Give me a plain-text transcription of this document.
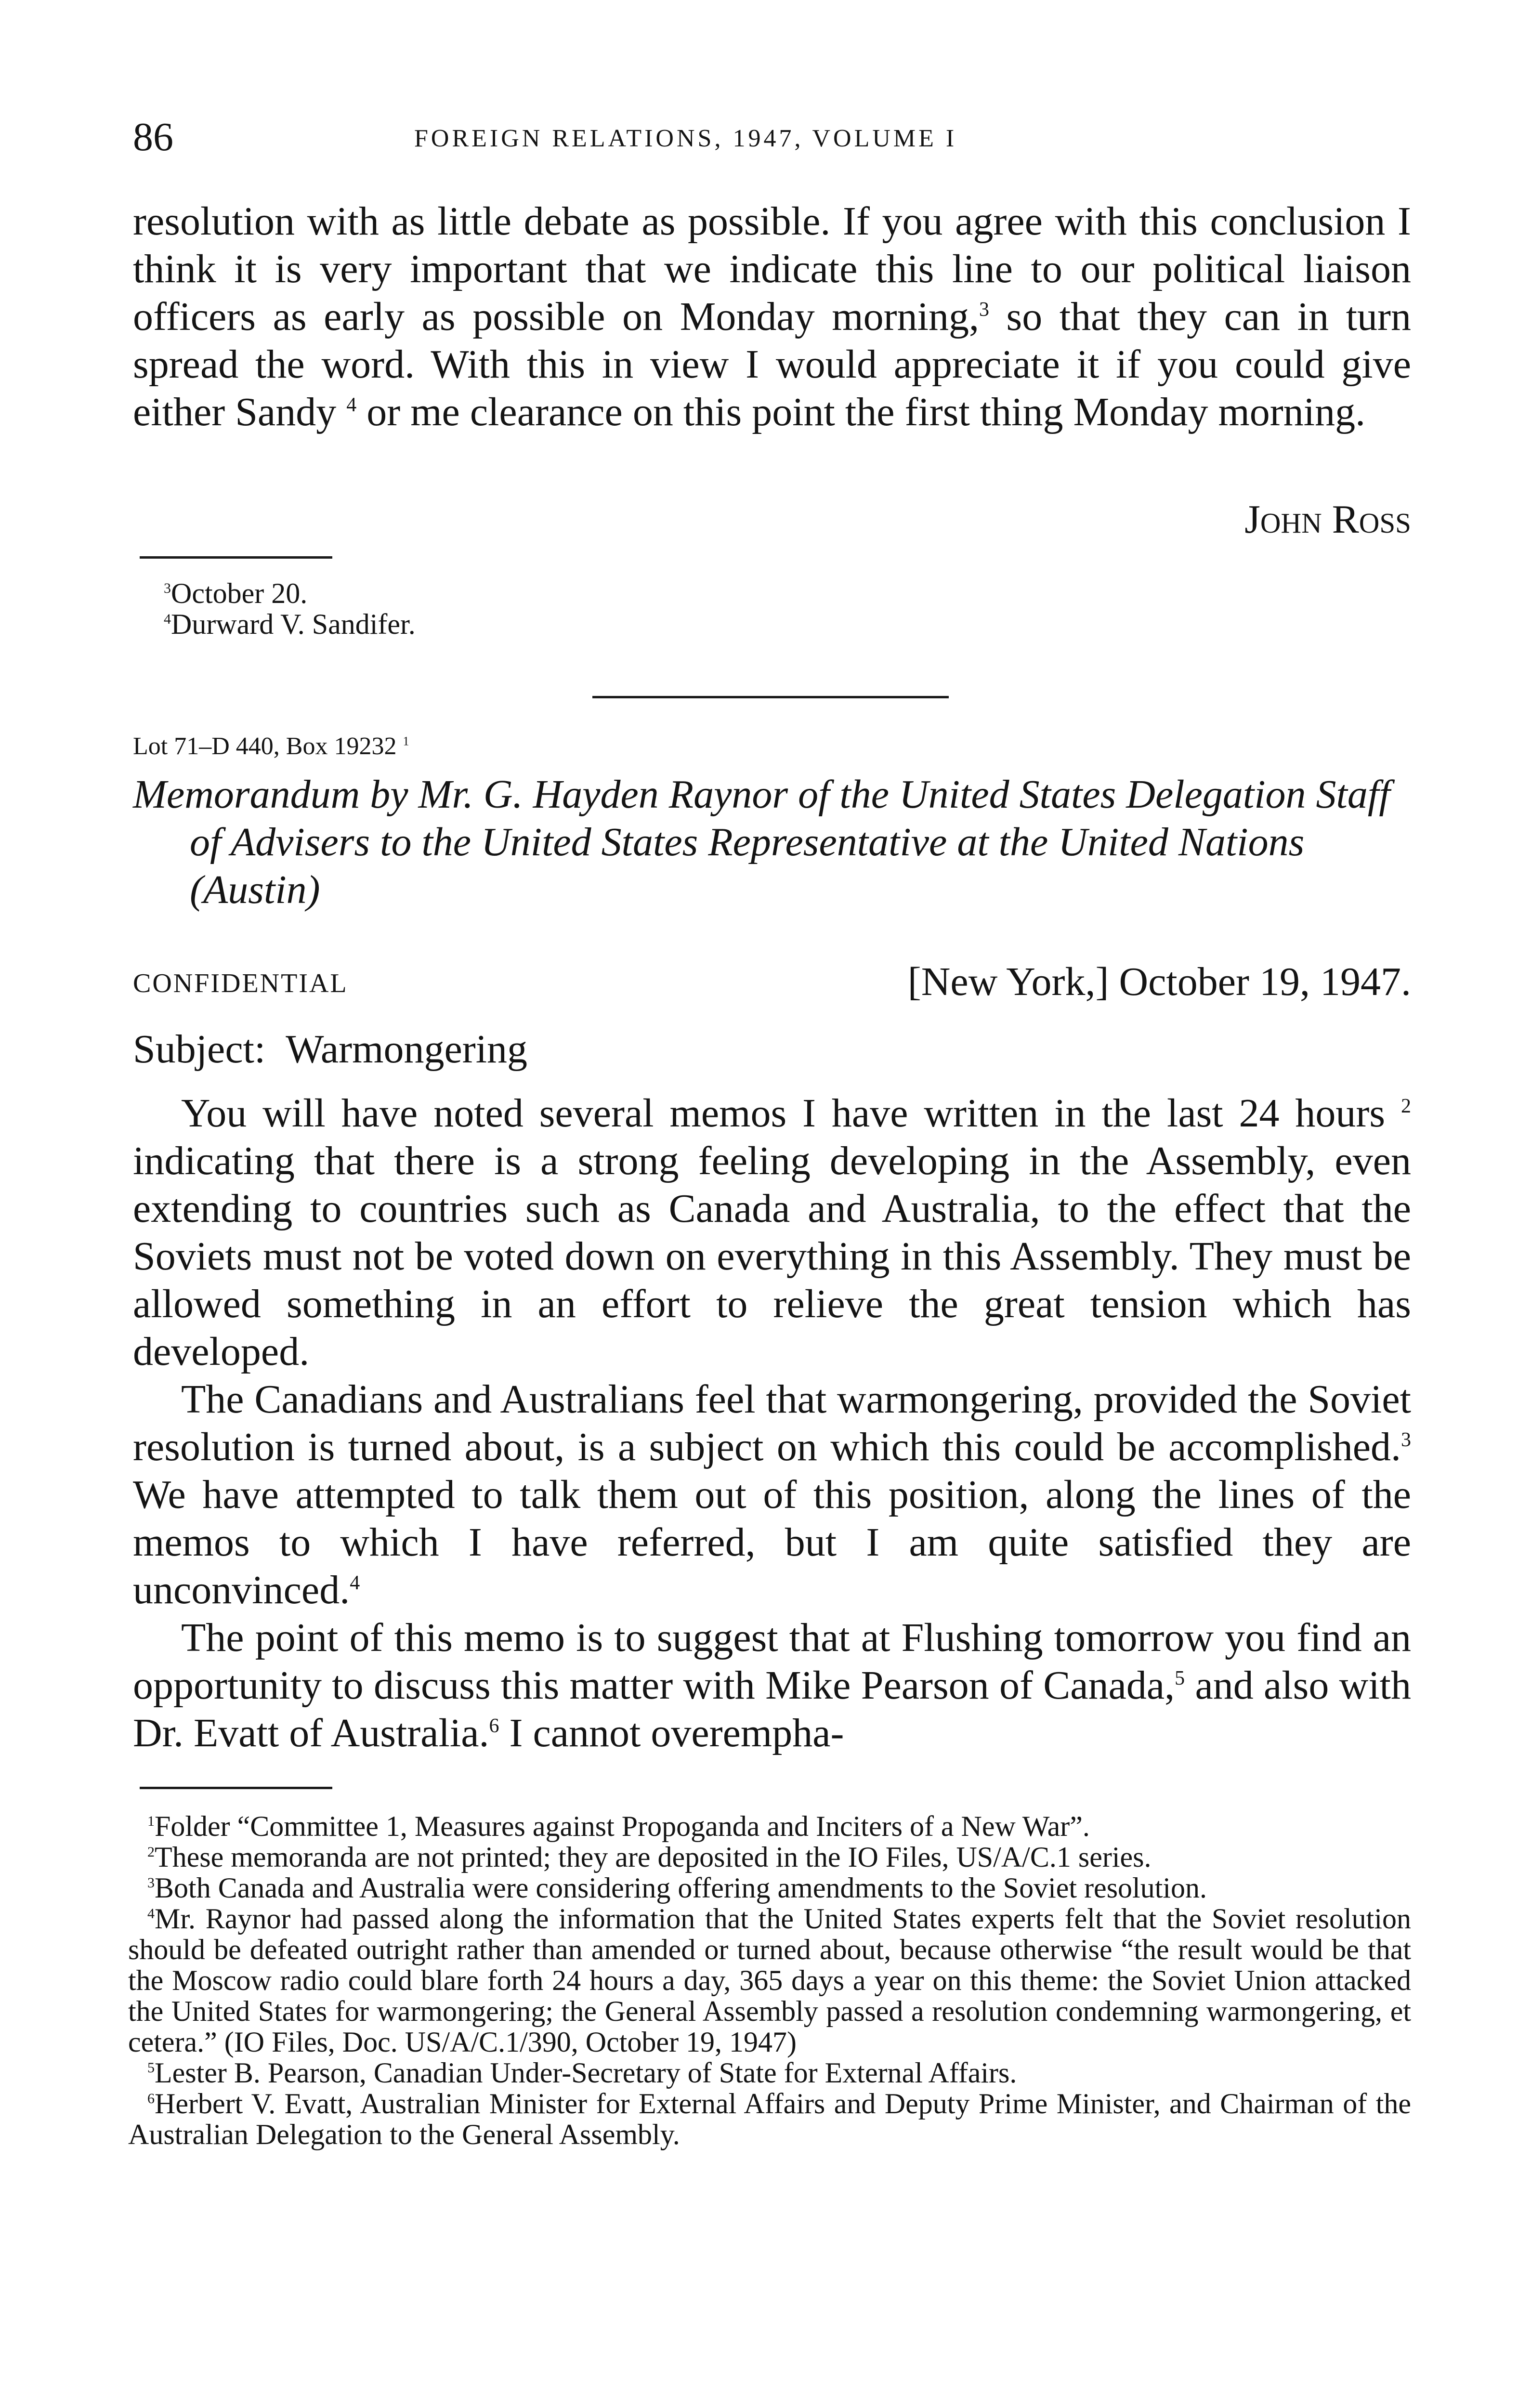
86	FOREIGN RELATIONS, 1947, VOLUME I

resolution with as little debate as possible. If you agree with this conclusion I think it is very important that we indicate this line to our political liaison officers as early as possible on Monday morning,$^3$ so that they can in turn spread the word. With this in view I would appreciate it if you could give either Sandy $^4$ or me clearance on this point the first thing Monday morning.

John Ross

$^3$October 20.

$^4$Durward V. Sandifer.

Lot 71–D 440, Box 19232 $^1$

Memorandum by Mr. G. Hayden Raynor of the United States Delegation Staff of Advisers to the United States Representative at the United Nations (Austin)

CONFIDENTIAL	[New York,] October 19, 1947.
Subject: Warmongering

You will have noted several memos I have written in the last 24 hours $^2$ indicating that there is a strong feeling developing in the Assembly, even extending to countries such as Canada and Australia, to the effect that the Soviets must not be voted down on everything in this Assembly. They must be allowed something in an effort to relieve the great tension which has developed.

The Canadians and Australians feel that warmongering, provided the Soviet resolution is turned about, is a subject on which this could be accomplished.$^3$ We have attempted to talk them out of this position, along the lines of the memos to which I have referred, but I am quite satisfied they are unconvinced.$^4$

The point of this memo is to suggest that at Flushing tomorrow you find an opportunity to discuss this matter with Mike Pearson of Canada,$^5$ and also with Dr. Evatt of Australia.$^6$ I cannot overempha-

$^1$Folder “Committee 1, Measures against Propoganda and Inciters of a New War”.

$^2$These memoranda are not printed; they are deposited in the IO Files, US/A/C.1 series.

$^3$Both Canada and Australia were considering offering amendments to the Soviet resolution.

$^4$Mr. Raynor had passed along the information that the United States experts felt that the Soviet resolution should be defeated outright rather than amended or turned about, because otherwise “the result would be that the Moscow radio could blare forth 24 hours a day, 365 days a year on this theme: the Soviet Union attacked the United States for warmongering; the General Assembly passed a resolution condemning warmongering, et cetera.” (IO Files, Doc. US/A/C.1/390, October 19, 1947)

$^5$Lester B. Pearson, Canadian Under-Secretary of State for External Affairs.

$^6$Herbert V. Evatt, Australian Minister for External Affairs and Deputy Prime Minister, and Chairman of the Australian Delegation to the General Assembly.
